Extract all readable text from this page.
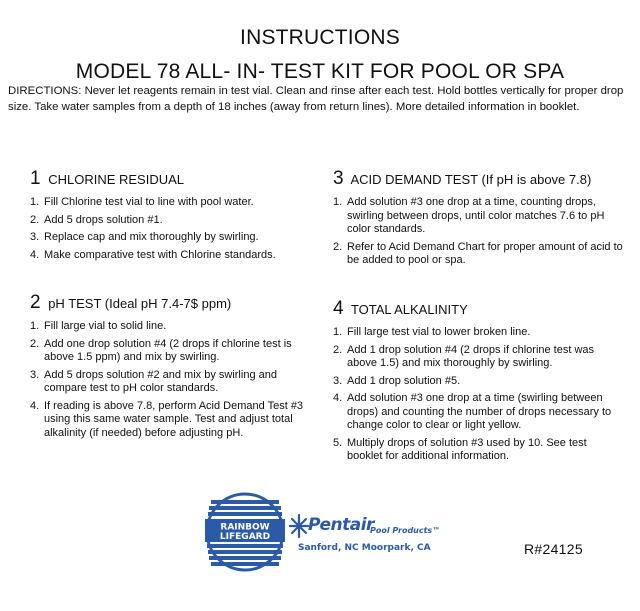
INSTRUCTIONS
MODEL 78 ALL- IN- TEST KIT FOR POOL OR SPA
DIRECTIONS: Never let reagents remain in test vial. Clean and rinse after each test. Hold bottles vertically for proper drop size. Take water samples from a depth of 18 inches (away from return lines). More detailed information in booklet.
1 CHLORINE RESIDUAL
1. Fill Chlorine test vial to line with pool water.
2. Add 5 drops solution #1.
3. Replace cap and mix thoroughly by swirling.
4. Make comparative test with Chlorine standards.
2 pH TEST (Ideal pH 7.4-7$ ppm)
1. Fill large vial to solid line.
2. Add one drop solution #4 (2 drops if chlorine test is above 1.5 ppm) and mix by swirling.
3. Add 5 drops solution #2 and mix by swirling and compare test to pH color standards.
4. If reading is above 7.8, perform Acid Demand Test #3 using this same water sample. Test and adjust total alkalinity (if needed) before adjusting pH.
3 ACID DEMAND TEST (If pH is above 7.8)
1. Add solution #3 one drop at a time, counting drops, swirling between drops, until color matches 7.6 to pH color standards.
2. Refer to Acid Demand Chart for proper amount of acid to be added to pool or spa.
4 TOTAL ALKALINITY
1. Fill large test vial to lower broken line.
2. Add 1 drop solution #4 (2 drops if chlorine test was above 1.5) and mix thoroughly by swirling.
3. Add 1 drop solution #5.
4. Add solution #3 one drop at a time (swirling between drops) and counting the number of drops necessary to change color to clear or light yellow.
5. Multiply drops of solution #3 used by 10. See test booklet for additional information.
RAINBOW
LIFEGARD
Pentair
Pool Products™
Sanford, NC Moorpark, CA	R#24125
